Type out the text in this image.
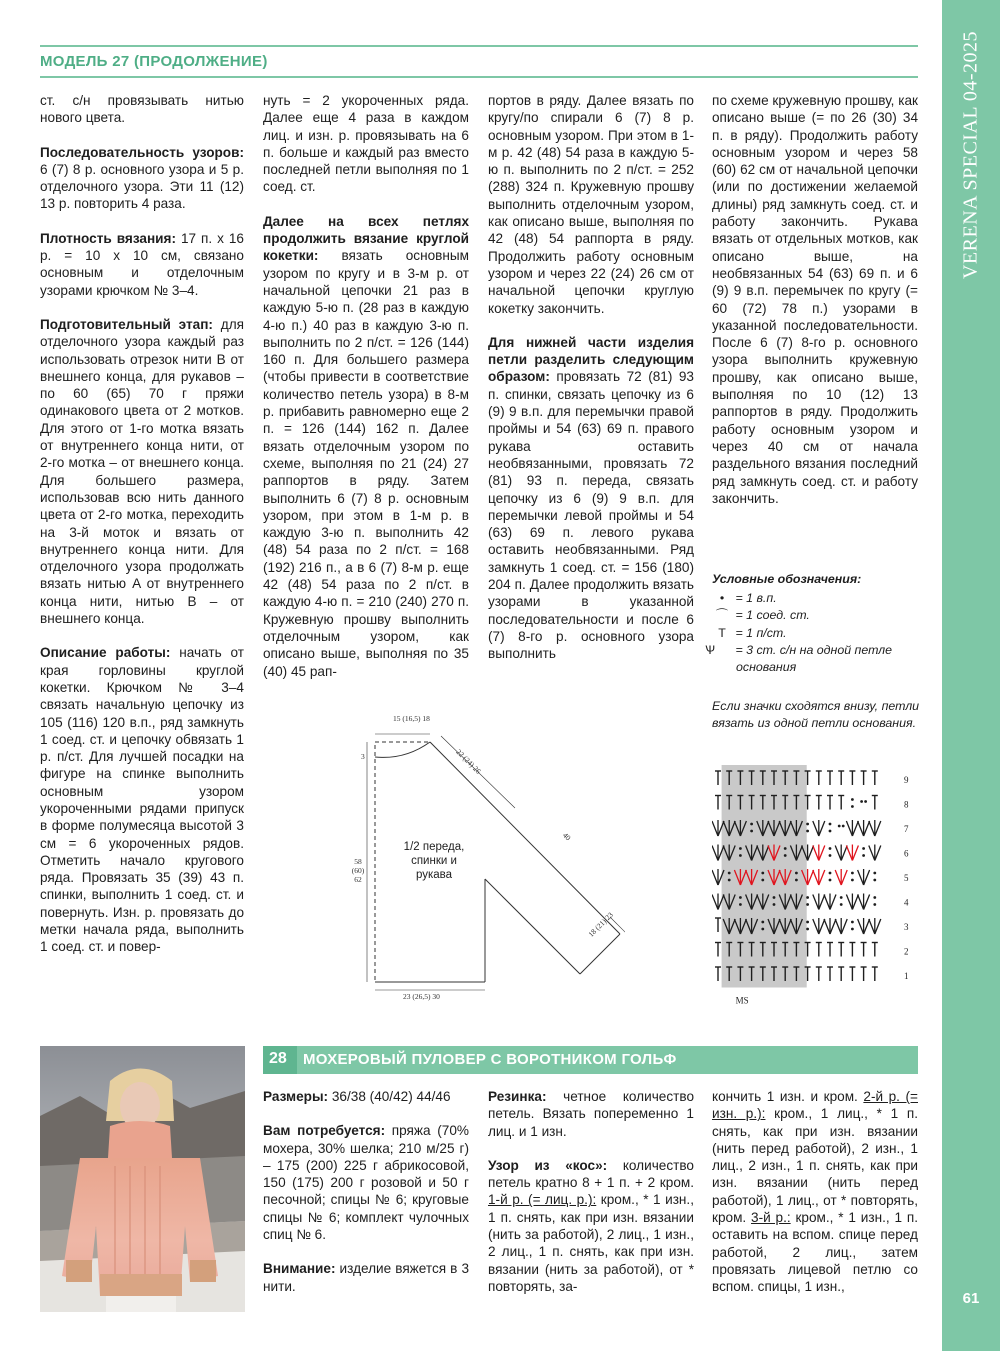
VERENA SPECIAL 04-2025
61
МОДЕЛЬ 27 (ПРОДОЛЖЕНИЕ)

ст. с/н провязывать нитью нового цвета.

Последовательность узоров: 6 (7) 8 р. основного узора и 5 р. отделочного узора. Эти 11 (12) 13 р. повторить 4 раза.

Плотность вязания: 17 п. x 16 р. = 10 x 10 см, связано основным и отделочным узорами крючком № 3–4.

Подготовительный этап: для отделочного узора каждый раз использовать отрезок нити B от внешнего конца, для рукавов – по 60 (65) 70 г пряжи одинакового цвета от 2 мотков. Для этого от 1-го мотка вязать от внутреннего конца нити, от 2-го мотка – от внешнего конца. Для большего размера, использовав всю нить данного цвета от 2-го мотка, переходить на 3-й моток и вязать от внутреннего конца нити. Для отделочного узора продолжать вязать нитью A от внутреннего конца нити, нитью B – от внешнего конца.

Описание работы: начать от края горловины круглой кокетки. Крючком № 3–4 связать начальную цепочку из 105 (116) 120 в.п., ряд замкнуть 1 соед. ст. и цепочку обвязать 1 р. п/ст. Для лучшей посадки на фигуре на спинке выполнить основным узором укороченными рядами припуск в форме полумесяца высотой 3 см = 6 укороченных рядов. Отметить начало кругового ряда. Провязать 35 (39) 43 п. спинки, выполнить 1 соед. ст. и повернуть. Изн. р. провязать до метки начала ряда, выполнить 1 соед. ст. и повер-

нуть = 2 укороченных ряда. Далее еще 4 раза в каждом лиц. и изн. р. провязывать на 6 п. больше и каждый раз вместо последней петли выполняя по 1 соед. ст.

Далее на всех петлях продолжить вязание круглой кокетки: вязать основным узором по кругу и в 3-м р. от начальной цепочки 21 раз в каждую 5-ю п. (28 раз в каждую 4-ю п.) 40 раз в каждую 3-ю п. выполнить по 2 п/ст. = 126 (144) 160 п. Для большего размера (чтобы привести в соответствие количество петель узора) в 8-м р. прибавить равномерно еще 2 п. = 126 (144) 162 п. Далее вязать отделочным узором по схеме, выполняя по 21 (24) 27 раппортов в ряду. Затем выполнить 6 (7) 8 р. основным узором, при этом в 1-м р. в каждую 3-ю п. выполнить 42 (48) 54 раза по 2 п/ст. = 168 (192) 216 п., а в 6 (7) 8-м р. еще 42 (48) 54 раза по 2 п/ст. в каждую 4-ю п. = 210 (240) 270 п. Кружевную прошву выполнить отделочным узором, как описано выше, выполняя по 35 (40) 45 рап-

портов в ряду. Далее вязать по кругу/по спирали 6 (7) 8 р. основным узором. При этом в 1-м р. 42 (48) 54 раза в каждую 5-ю п. выполнить по 2 п/ст. = 252 (288) 324 п. Кружевную прошву выполнить отделочным узором, как описано выше, выполняя по 42 (48) 54 раппорта в ряду. Продолжить работу основным узором и через 22 (24) 26 см от начальной цепочки круглую кокетку закончить.

Для нижней части изделия петли разделить следующим образом: провязать 72 (81) 93 п. спинки, связать цепочку из 6 (9) 9 в.п. для перемычки правой проймы и 54 (63) 69 п. правого рукава оставить необвязанными, провязать 72 (81) 93 п. переда, связать цепочку из 6 (9) 9 в.п. для перемычки левой проймы и 54 (63) 69 п. левого рукава оставить необвязанными. Ряд замкнуть 1 соед. ст. = 156 (180) 204 п. Далее продолжить вязать узорами в указанной последовательности и после 6 (7) 8-го р. основного узора выполнить

по схеме кружевную прошву, как описано выше (= по 26 (30) 34 п. в ряду). Продолжить работу основным узором и через 58 (60) 62 см от начальной цепочки (или по достижении желаемой длины) ряд замкнуть соед. ст. и работу закончить. Рукава вязать от отдельных мотков, как описано выше, на необвязанных 54 (63) 69 п. и 6 (9) 9 в.п. перемычек по кругу (= 60 (72) 78 п.) узорами в указанной последовательности. После 6 (7) 8-го р. основного узора выполнить кружевную прошву, как описано выше, выполняя по 10 (12) 13 раппортов в ряду. Продолжить работу основным узором и через 40 см от начала раздельного вязания последний ряд замкнуть соед. ст. и работу закончить.

Условные обозначения:
• = 1 в.п.
⌒ = 1 соед. ст.
T = 1 п/ст.
Ѱ = 3 ст. с/н на одной петле основания
Если значки сходятся внизу, петли вязать из одной петли основания.
15 (16,5) 18
3	22 (24) 26
40
18 (21) 23
58 (60) 62
23 (26,5) 30
1/2 переда, спинки и рукава
9
8
7
6
5
4
3
2
1
MS
28 МОХЕРОВЫЙ ПУЛОВЕР С ВОРОТНИКОМ ГОЛЬФ

Размеры: 36/38 (40/42) 44/46

Вам потребуется: пряжа (70% мохера, 30% шелка; 210 м/25 г) – 175 (200) 225 г абрикосовой, 150 (175) 200 г розовой и 50 г песочной; спицы № 6; круговые спицы № 6; комплект чулочных спиц № 6.

Внимание: изделие вяжется в 3 нити.

Резинка: четное количество петель. Вязать попеременно 1 лиц. и 1 изн.

Узор из «кос»: количество петель кратно 8 + 1 п. + 2 кром. 1-й р. (= лиц. р.): кром., * 1 изн., 1 п. снять, как при изн. вязании (нить за работой), 2 лиц., 1 изн., 2 лиц., 1 п. снять, как при изн. вязании (нить за работой), от * повторять, за-

кончить 1 изн. и кром. 2-й р. (= изн. р.): кром., 1 лиц., * 1 п. снять, как при изн. вязании (нить перед работой), 2 изн., 1 лиц., 2 изн., 1 п. снять, как при изн. вязании (нить перед работой), 1 лиц., от * повторять, кром. 3-й р.: кром., * 1 изн., 1 п. оставить на вспом. спице перед работой, 2 лиц., затем провязать лицевой петлю со вспом. спицы, 1 изн.,
